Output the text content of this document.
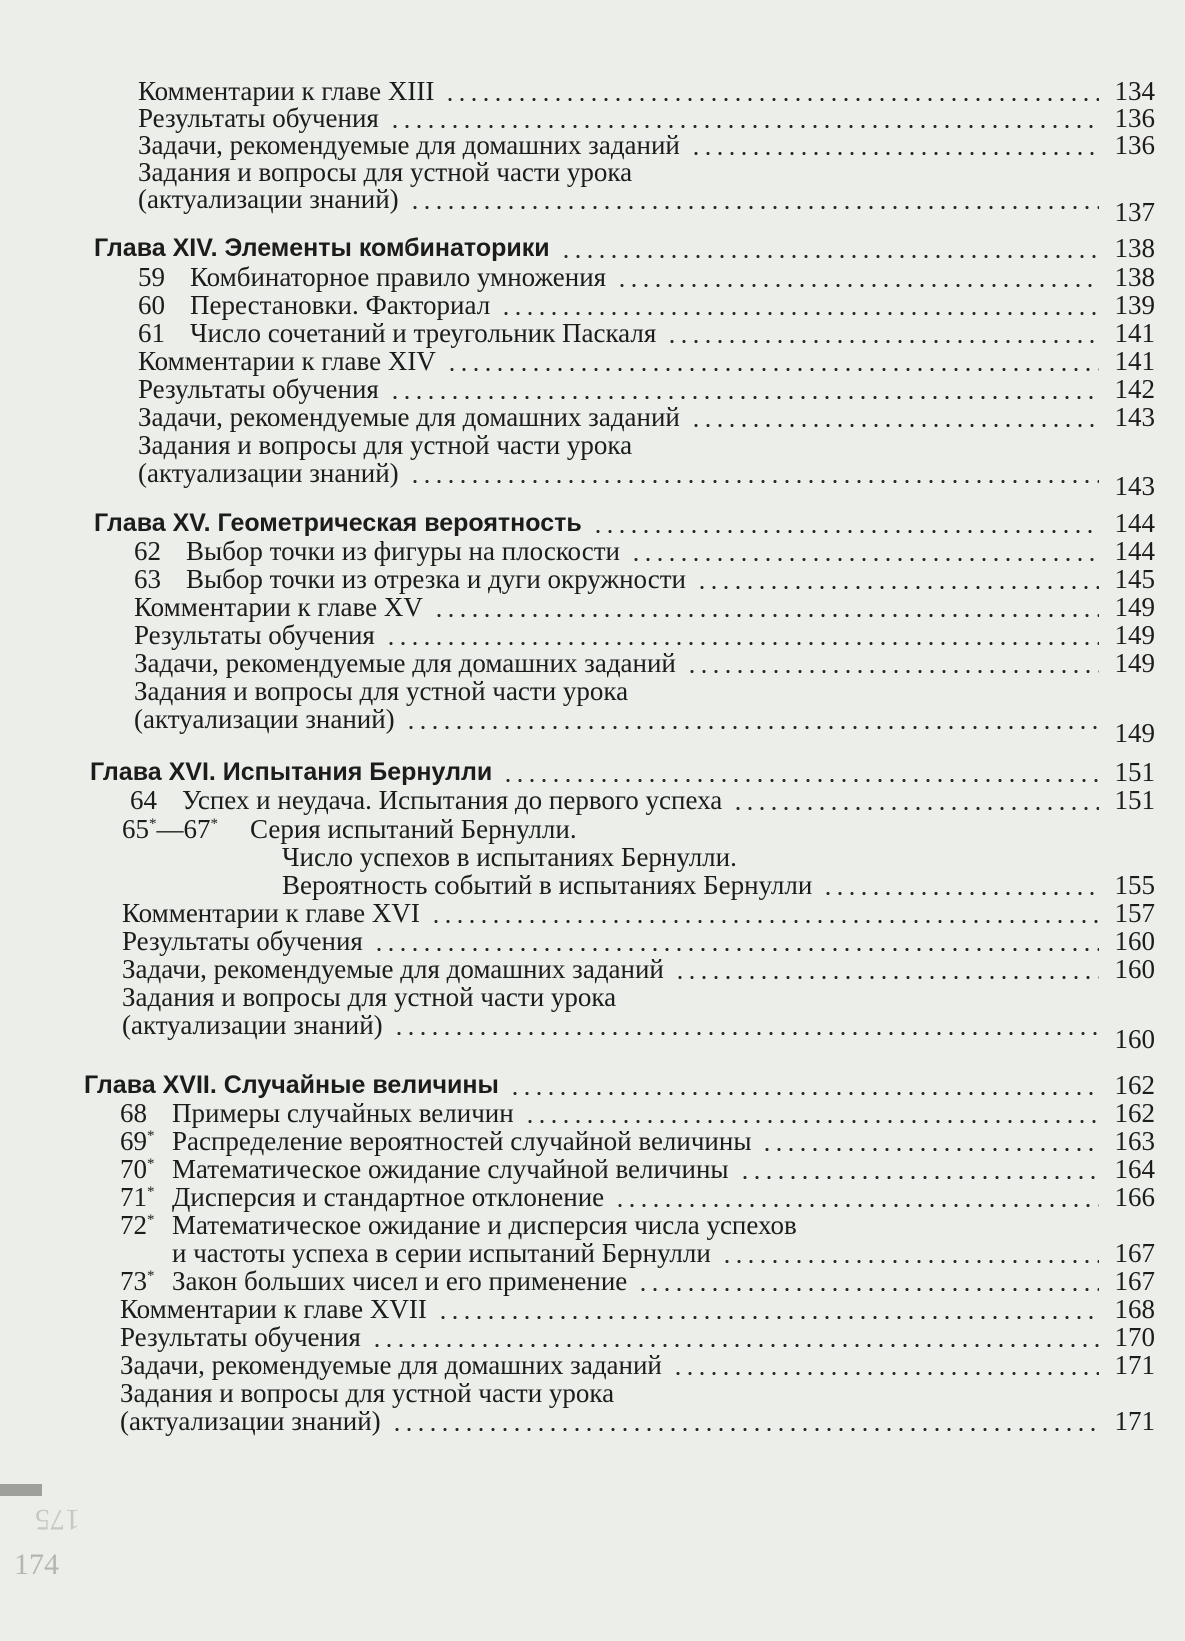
Комментарии к главе XIII	134
Результаты обучения	136
Задачи, рекомендуемые для домашних заданий	136
Задания и вопросы для устной части урока
(актуализации знаний)	137
Глава XIV. Элементы комбинаторики	138
59 Комбинаторное правило умножения	138
60 Перестановки. Факториал	139
61 Число сочетаний и треугольник Паскаля	141
Комментарии к главе XIV	141
Результаты обучения	142
Задачи, рекомендуемые для домашних заданий	143
Задания и вопросы для устной части урока
(актуализации знаний)	143
Глава XV. Геометрическая вероятность	144
62 Выбор точки из фигуры на плоскости	144
63 Выбор точки из отрезка и дуги окружности	145
Комментарии к главе XV	149
Результаты обучения	149
Задачи, рекомендуемые для домашних заданий	149
Задания и вопросы для устной части урока
(актуализации знаний)	149
Глава XVI. Испытания Бернулли	151
64 Успех и неудача. Испытания до первого успеха	151
65*—67* Серия испытаний Бернулли.
Число успехов в испытаниях Бернулли.
Вероятность событий в испытаниях Бернулли	155
Комментарии к главе XVI	157
Результаты обучения	160
Задачи, рекомендуемые для домашних заданий	160
Задания и вопросы для устной части урока
(актуализации знаний)	160
Глава XVII. Случайные величины	162
68 Примеры случайных величин	162
69* Распределение вероятностей случайной величины	163
70* Математическое ожидание случайной величины	164
71* Дисперсия и стандартное отклонение	166
72* Математическое ожидание и дисперсия числа успехов
и частоты успеха в серии испытаний Бернулли	167
73* Закон больших чисел и его применение	167
Комментарии к главе XVII	168
Результаты обучения	170
Задачи, рекомендуемые для домашних заданий	171
Задания и вопросы для устной части урока
(актуализации знаний)	171
175
174
